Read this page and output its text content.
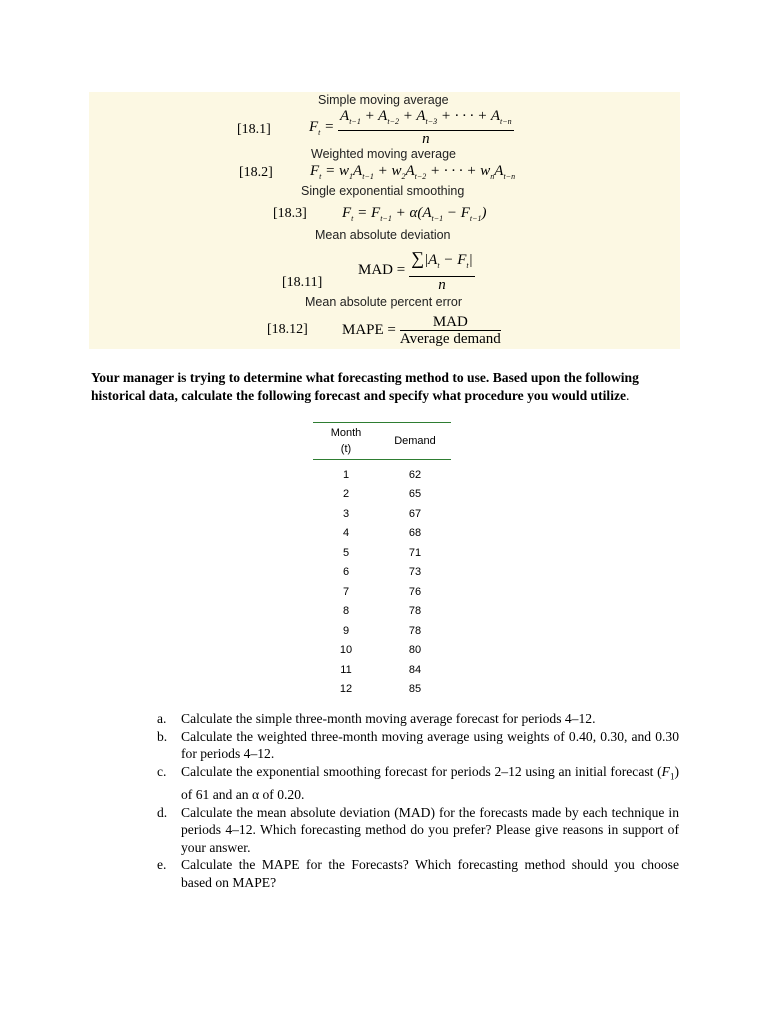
Simple moving average
[18.1]	$F_t = \frac{A_{t-1} + A_{t-2} + A_{t-3} + \cdot \cdot \cdot + A_{t-n}}{n}$
Weighted moving average
[18.2] $F_t = w_1A_{t-1} + w_2A_{t-2}$ + · · · + $w_nA_{t-n}$
Single exponential smoothing
[18.3] $F_t = F_{t-1} + \alpha(A_{t-1} - F_{t-1})$
Mean absolute deviation
[18.11]
MAD = $\frac{\sum|A_t - F_t|}{n}$
Mean absolute percent error
[18.12] MAPE = $\frac{\text{MAD}}{\text{Average demand}}$
Your manager is trying to determine what forecasting method to use. Based upon the following historical data, calculate the following forecast and specify what procedure you would utilize.
Month
(t)	Demand
1	62
2	65
3	67
4	68
5	71
6	73
7	76
8	78
9	78
10	80
11	84
12	85
a.	Calculate the simple three-month moving average forecast for periods 4–12.
b.	Calculate the weighted three-month moving average using weights of 0.40, 0.30, and 0.30 for periods 4–12.
c.	Calculate the exponential smoothing forecast for periods 2–12 using an initial forecast $(F_1)$ of 61 and an α of 0.20.
d.	Calculate the mean absolute deviation (MAD) for the forecasts made by each technique in periods 4–12. Which forecasting method do you prefer? Please give reasons in support of your answer.
e.	Calculate the MAPE for the Forecasts? Which forecasting method should you choose based on MAPE?
